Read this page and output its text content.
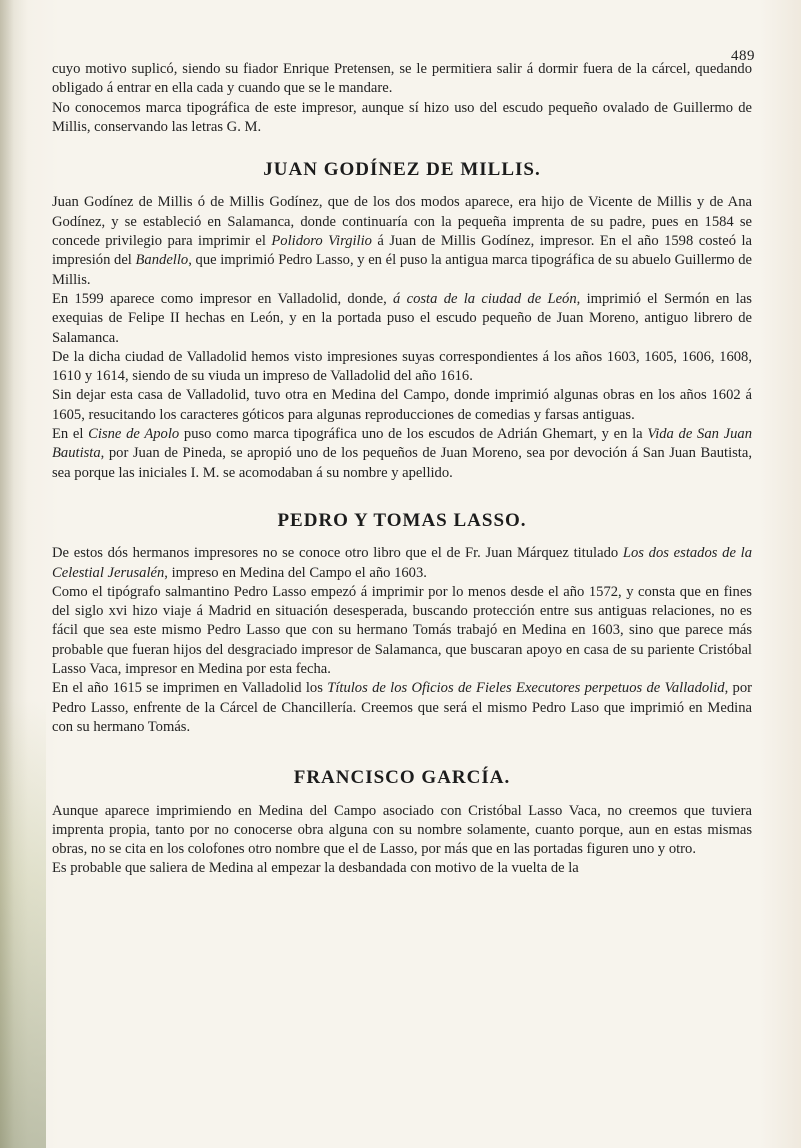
489

cuyo motivo suplicó, siendo su fiador Enrique Pretensen, se le permitiera salir á dormir fuera de la cárcel, quedando obligado á entrar en ella cada y cuando que se le mandare.

No conocemos marca tipográfica de este impresor, aunque sí hizo uso del escudo pequeño ovalado de Guillermo de Millis, conservando las letras G. M.

JUAN GODÍNEZ DE MILLIS.

Juan Godínez de Millis ó de Millis Godínez, que de los dos modos aparece, era hijo de Vicente de Millis y de Ana Godínez, y se estableció en Salamanca, donde continuaría con la pequeña imprenta de su padre, pues en 1584 se concede privilegio para imprimir el Polidoro Virgilio á Juan de Millis Godínez, impresor. En el año 1598 costeó la impresión del Bandello, que imprimió Pedro Lasso, y en él puso la antigua marca tipográfica de su abuelo Guillermo de Millis.

En 1599 aparece como impresor en Valladolid, donde, á costa de la ciudad de León, imprimió el Sermón en las exequias de Felipe II hechas en León, y en la portada puso el escudo pequeño de Juan Moreno, antiguo librero de Salamanca.

De la dicha ciudad de Valladolid hemos visto impresiones suyas correspondientes á los años 1603, 1605, 1606, 1608, 1610 y 1614, siendo de su viuda un impreso de Valladolid del año 1616.

Sin dejar esta casa de Valladolid, tuvo otra en Medina del Campo, donde imprimió algunas obras en los años 1602 á 1605, resucitando los caracteres góticos para algunas reproducciones de comedias y farsas antiguas.

En el Cisne de Apolo puso como marca tipográfica uno de los escudos de Adrián Ghemart, y en la Vida de San Juan Bautista, por Juan de Pineda, se apropió uno de los pequeños de Juan Moreno, sea por devoción á San Juan Bautista, sea porque las iniciales I. M. se acomodaban á su nombre y apellido.

PEDRO Y TOMAS LASSO.

De estos dós hermanos impresores no se conoce otro libro que el de Fr. Juan Márquez titulado Los dos estados de la Celestial Jerusalén, impreso en Medina del Campo el año 1603.

Como el tipógrafo salmantino Pedro Lasso empezó á imprimir por lo menos desde el año 1572, y consta que en fines del siglo xvi hizo viaje á Madrid en situación desesperada, buscando protección entre sus antiguas relaciones, no es fácil que sea este mismo Pedro Lasso que con su hermano Tomás trabajó en Medina en 1603, sino que parece más probable que fueran hijos del desgraciado impresor de Salamanca, que buscaran apoyo en casa de su pariente Cristóbal Lasso Vaca, impresor en Medina por esta fecha.

En el año 1615 se imprimen en Valladolid los Títulos de los Oficios de Fieles Executores perpetuos de Valladolid, por Pedro Lasso, enfrente de la Cárcel de Chancillería. Creemos que será el mismo Pedro Laso que imprimió en Medina con su hermano Tomás.

FRANCISCO GARCÍA.

Aunque aparece imprimiendo en Medina del Campo asociado con Cristóbal Lasso Vaca, no creemos que tuviera imprenta propia, tanto por no conocerse obra alguna con su nombre solamente, cuanto porque, aun en estas mismas obras, no se cita en los colofones otro nombre que el de Lasso, por más que en las portadas figuren uno y otro.

Es probable que saliera de Medina al empezar la desbandada con motivo de la vuelta de la
